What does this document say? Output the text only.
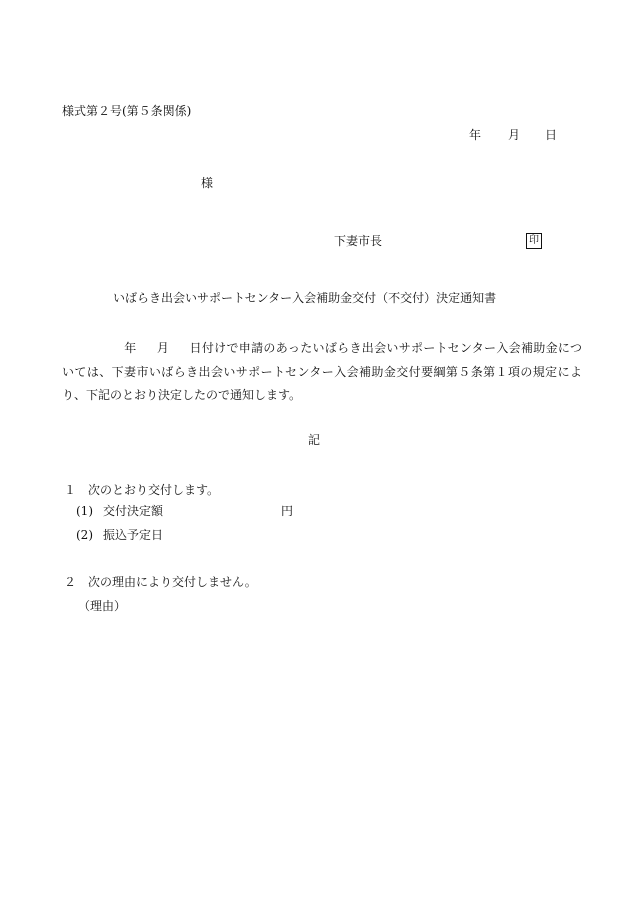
様式第２号(第５条関係)
年 月 日
様
下妻市長	印
いばらき出会いサポートセンター入会補助金交付（不交付）決定通知書
年 月 日付けで申請のあったいばらき出会いサポートセンター入会補助金については、下妻市いばらき出会いサポートセンター入会補助金交付要綱第５条第１項の規定により、下記のとおり決定したので通知します。
記
１　次のとおり交付します。
(1) 交付決定額	円
(2) 振込予定日
２　次の理由により交付しません。
（理由）
